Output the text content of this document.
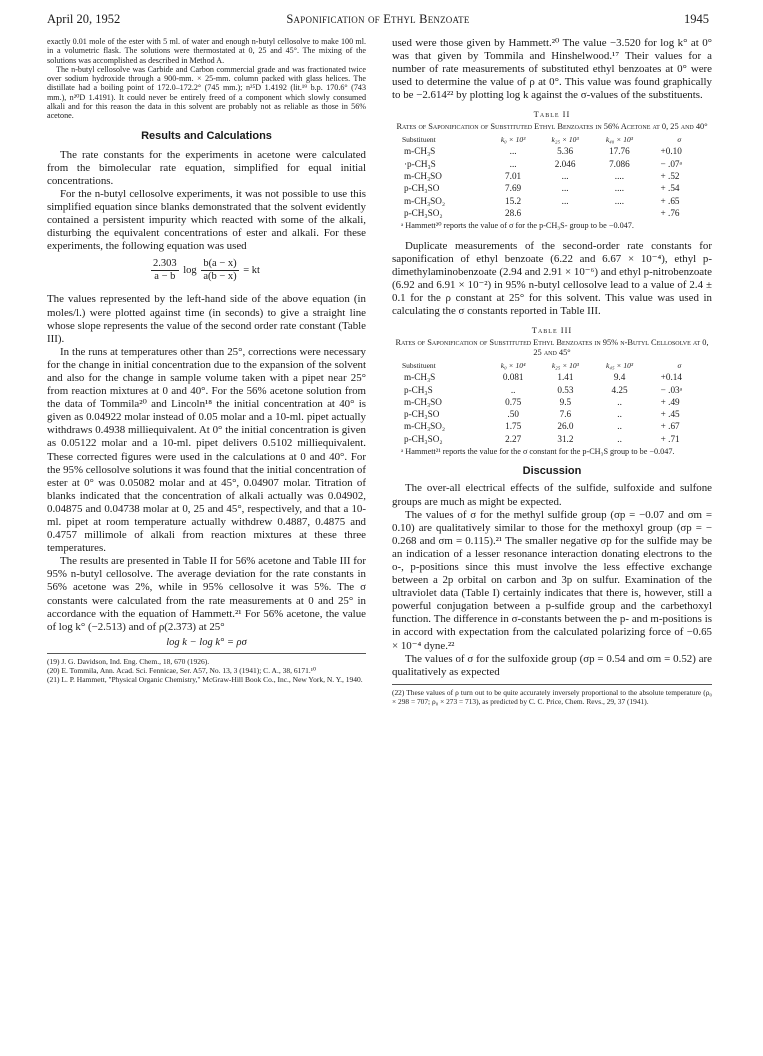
April 20, 1952	Saponification of Ethyl Benzoate	1945

exactly 0.01 mole of the ester with 5 ml. of water and enough n-butyl cellosolve to make 100 ml. in a volumetric flask. The solutions were thermostated at 0, 25 and 45°. The mixing of the solutions was accomplished as described in Method A.

The n-butyl cellosolve was Carbide and Carbon commercial grade and was fractionated twice over sodium hydroxide through a 900-mm. × 25-mm. column packed with glass helices. The distillate had a boiling point of 172.0–172.2° (745 mm.); n²⁵D 1.4192 (lit.¹⁹ b.p. 170.6° (743 mm.), n²⁰D 1.4191). It could never be entirely freed of a component which slowly consumed alkali and for this reason the data in this solvent are probably not as reliable as those in 56% acetone.

Results and Calculations

The rate constants for the experiments in acetone were calculated from the bimolecular rate equation, simplified for equal initial concentrations.

For the n-butyl cellosolve experiments, it was not possible to use this simplified equation since blanks demonstrated that the solvent evidently contained a persistent impurity which reacted with some of the alkali, disturbing the equivalent concentrations of ester and alkali. For these experiments, the following equation was used

$\frac{2.303}{a - b}$ $\log \frac{b(a - x)}{a(b - x)}$ = kt

The values represented by the left-hand side of the above equation (in moles/l.) were plotted against time (in seconds) to give a straight line whose slope represents the value of the second order rate constant (Table III).

In the runs at temperatures other than 25°, corrections were necessary for the change in initial concentration due to the expansion of the solvent and also for the change in sample volume taken with a pipet near 25° from reaction mixtures at 0 and 40°. For the 56% acetone solution from the data of Tommila²⁰ and Lincoln¹⁸ the initial concentration at 40° is given as 0.04922 molar instead of 0.05 molar and a 10-ml. pipet actually withdraws 0.4938 milliequivalent. At 0° the initial concentration is given as 0.05122 molar and a 10-ml. pipet delivers 0.5102 milliequivalent. These corrected figures were used in the calculations at 0 and 40°. For the 95% cellosolve solutions it was found that the initial concentration of ester at 0° was 0.05082 molar and at 45°, 0.04907 molar. Titration of blanks indicated that the concentration of alkali actually was 0.04902, 0.04875 and 0.04738 molar at 0, 25 and 45°, respectively, and that a 10-ml. pipet at room temperature actually withdrew 0.4887, 0.4875 and 0.4757 millimole of alkali from reaction mixtures at these three temperatures.

The results are presented in Table II for 56% acetone and Table III for 95% n-butyl cellosolve. The average deviation for the rate constants in 56% acetone was 2%, while in 95% cellosolve it was 5%. The σ constants were calculated from the rate measurements at 0 and 25° in accordance with the equation of Hammett.²¹ For 56% acetone, the value of log k° (−2.513) and of ρ(2.373) at 25°

log k − log k° = ρσ
(19) J. G. Davidson, Ind. Eng. Chem., 18, 670 (1926).
(20) E. Tommila, Ann. Acad. Sci. Fennicae, Ser. A57, No. 13, 3 (1941); C. A., 38, 6171.¹⁰
(21) L. P. Hammett, "Physical Organic Chemistry," McGraw-Hill Book Co., Inc., New York, N. Y., 1940.

used were those given by Hammett.²⁰ The value −3.520 for log k° at 0° was that given by Tommila and Hinshelwood.¹⁷ Their values for a number of rate measurements of substituted ethyl benzoates at 0° were used to determine the value of ρ at 0°. This value was found graphically to be −2.614²² by plotting log k against the σ-values of the substituents.

Table II
Rates of Saponification of Substituted Ethyl Benzoates in 56% Acetone at 0, 25 and 40°
Substituent	k₀ × 10³	k₂₅ × 10³	k₄₀ × 10³	σ
m-CH₃S	...	5.36	17.76	+0.10
·p-CH₃S	...	2.046	7.086	− .07ᵃ
m-CH₃SO	7.01	...	....	+ .52
p-CH₃SO	7.69	...	....	+ .54
m-CH₃SO₂	15.2	...	....	+ .65
p-CH₃SO₂	28.6			+ .76

ᵃ Hammett²⁰ reports the value of σ for the p-CH₃S- group to be −0.047.

Duplicate measurements of the second-order rate constants for saponification of ethyl benzoate (6.22 and 6.67 × 10⁻⁴), ethyl p-dimethylaminobenzoate (2.94 and 2.91 × 10⁻⁶) and ethyl p-nitrobenzoate (6.92 and 6.91 × 10⁻²) in 95% n-butyl cellosolve lead to a value of 2.4 ± 0.1 for the ρ constant at 25° for this solvent. This value was used in calculating the σ constants reported in Table III.

Table III
Rates of Saponification of Substituted Ethyl Benzoates in 95% n-Butyl Cellosolve at 0, 25 and 45°
Substituent	k₀ × 10⁴	k₂₅ × 10³	k₄₅ × 10³	σ
m-CH₃S	0.081	1.41	9.4	+0.14
p-CH₃S	..	0.53	4.25	− .03ᵃ
m-CH₃SO	0.75	9.5	..	+ .49
p-CH₃SO	.50	7.6	..	+ .45
m-CH₃SO₂	1.75	26.0	..	+ .67
p-CH₃SO₂	2.27	31.2	..	+ .71

ᵃ Hammett²¹ reports the value for the σ constant for the p-CH₃S group to be −0.047.

Discussion

The over-all electrical effects of the sulfide, sulfoxide and sulfone groups are much as might be expected.

The values of σ for the methyl sulfide group (σp = −0.07 and σm = 0.10) are qualitatively similar to those for the methoxyl group (σp = − 0.268 and σm = 0.115).²¹ The smaller negative σp for the sulfide may be an indication of a lesser resonance interaction donating electrons to the o-, p-positions since this must involve the less effective exchange between a 2p orbital on carbon and 3p on sulfur. Examination of the ultraviolet data (Table I) certainly indicates that there is, however, still a powerful conjugation between a p-sulfide group and the carbethoxyl function. The difference in σ-constants between the p- and m-positions is in accord with expectation from the calculated polarizing force of −0.65 × 10⁻⁴ dyne.²²

The values of σ for the sulfoxide group (σp = 0.54 and σm = 0.52) are qualitatively as expected

(22) These values of ρ turn out to be quite accurately inversely proportional to the absolute temperature (ρ₀ × 298 = 707; ρ₀ × 273 = 713), as predicted by C. C. Price, Chem. Revs., 29, 37 (1941).
